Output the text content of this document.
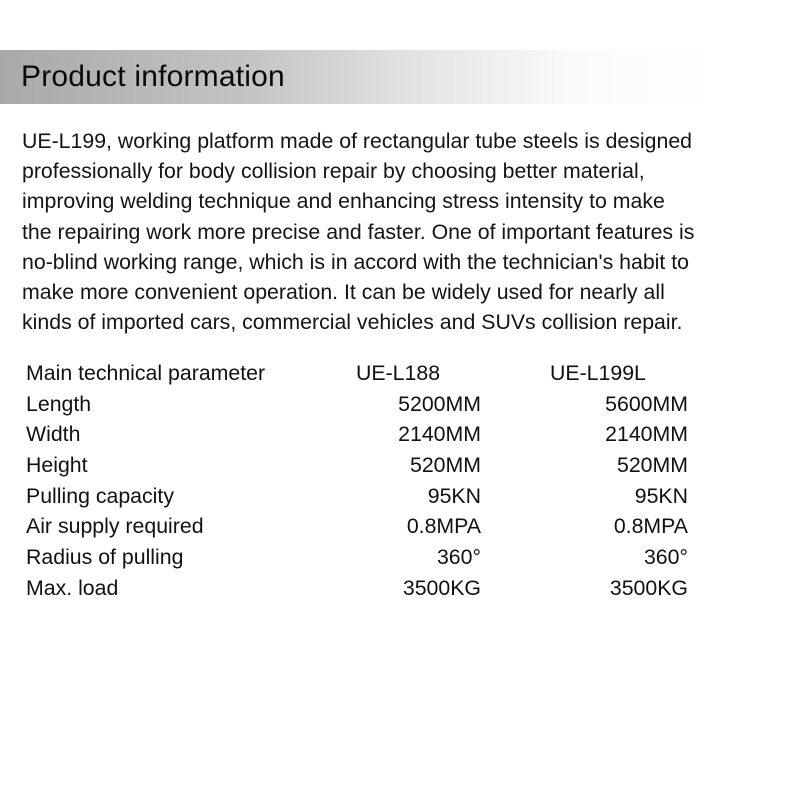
Product information

UE-L199, working platform made of rectangular tube steels is designed
professionally for body collision repair by choosing better material,
improving welding technique and enhancing stress intensity to make
the repairing work more precise and faster. One of important features is
no-blind working range, which is in accord with the technician's habit to
make more convenient operation. It can be widely used for nearly all
kinds of imported cars, commercial vehicles and SUVs collision repair.

Main technical parameter	UE-L188	UE-L199L
Length	5200MM	5600MM
Width	2140MM	2140MM
Height	520MM	520MM
Pulling capacity	95KN	95KN
Air supply required	0.8MPA	0.8MPA
Radius of pulling	360°	360°
Max. load	3500KG	3500KG
